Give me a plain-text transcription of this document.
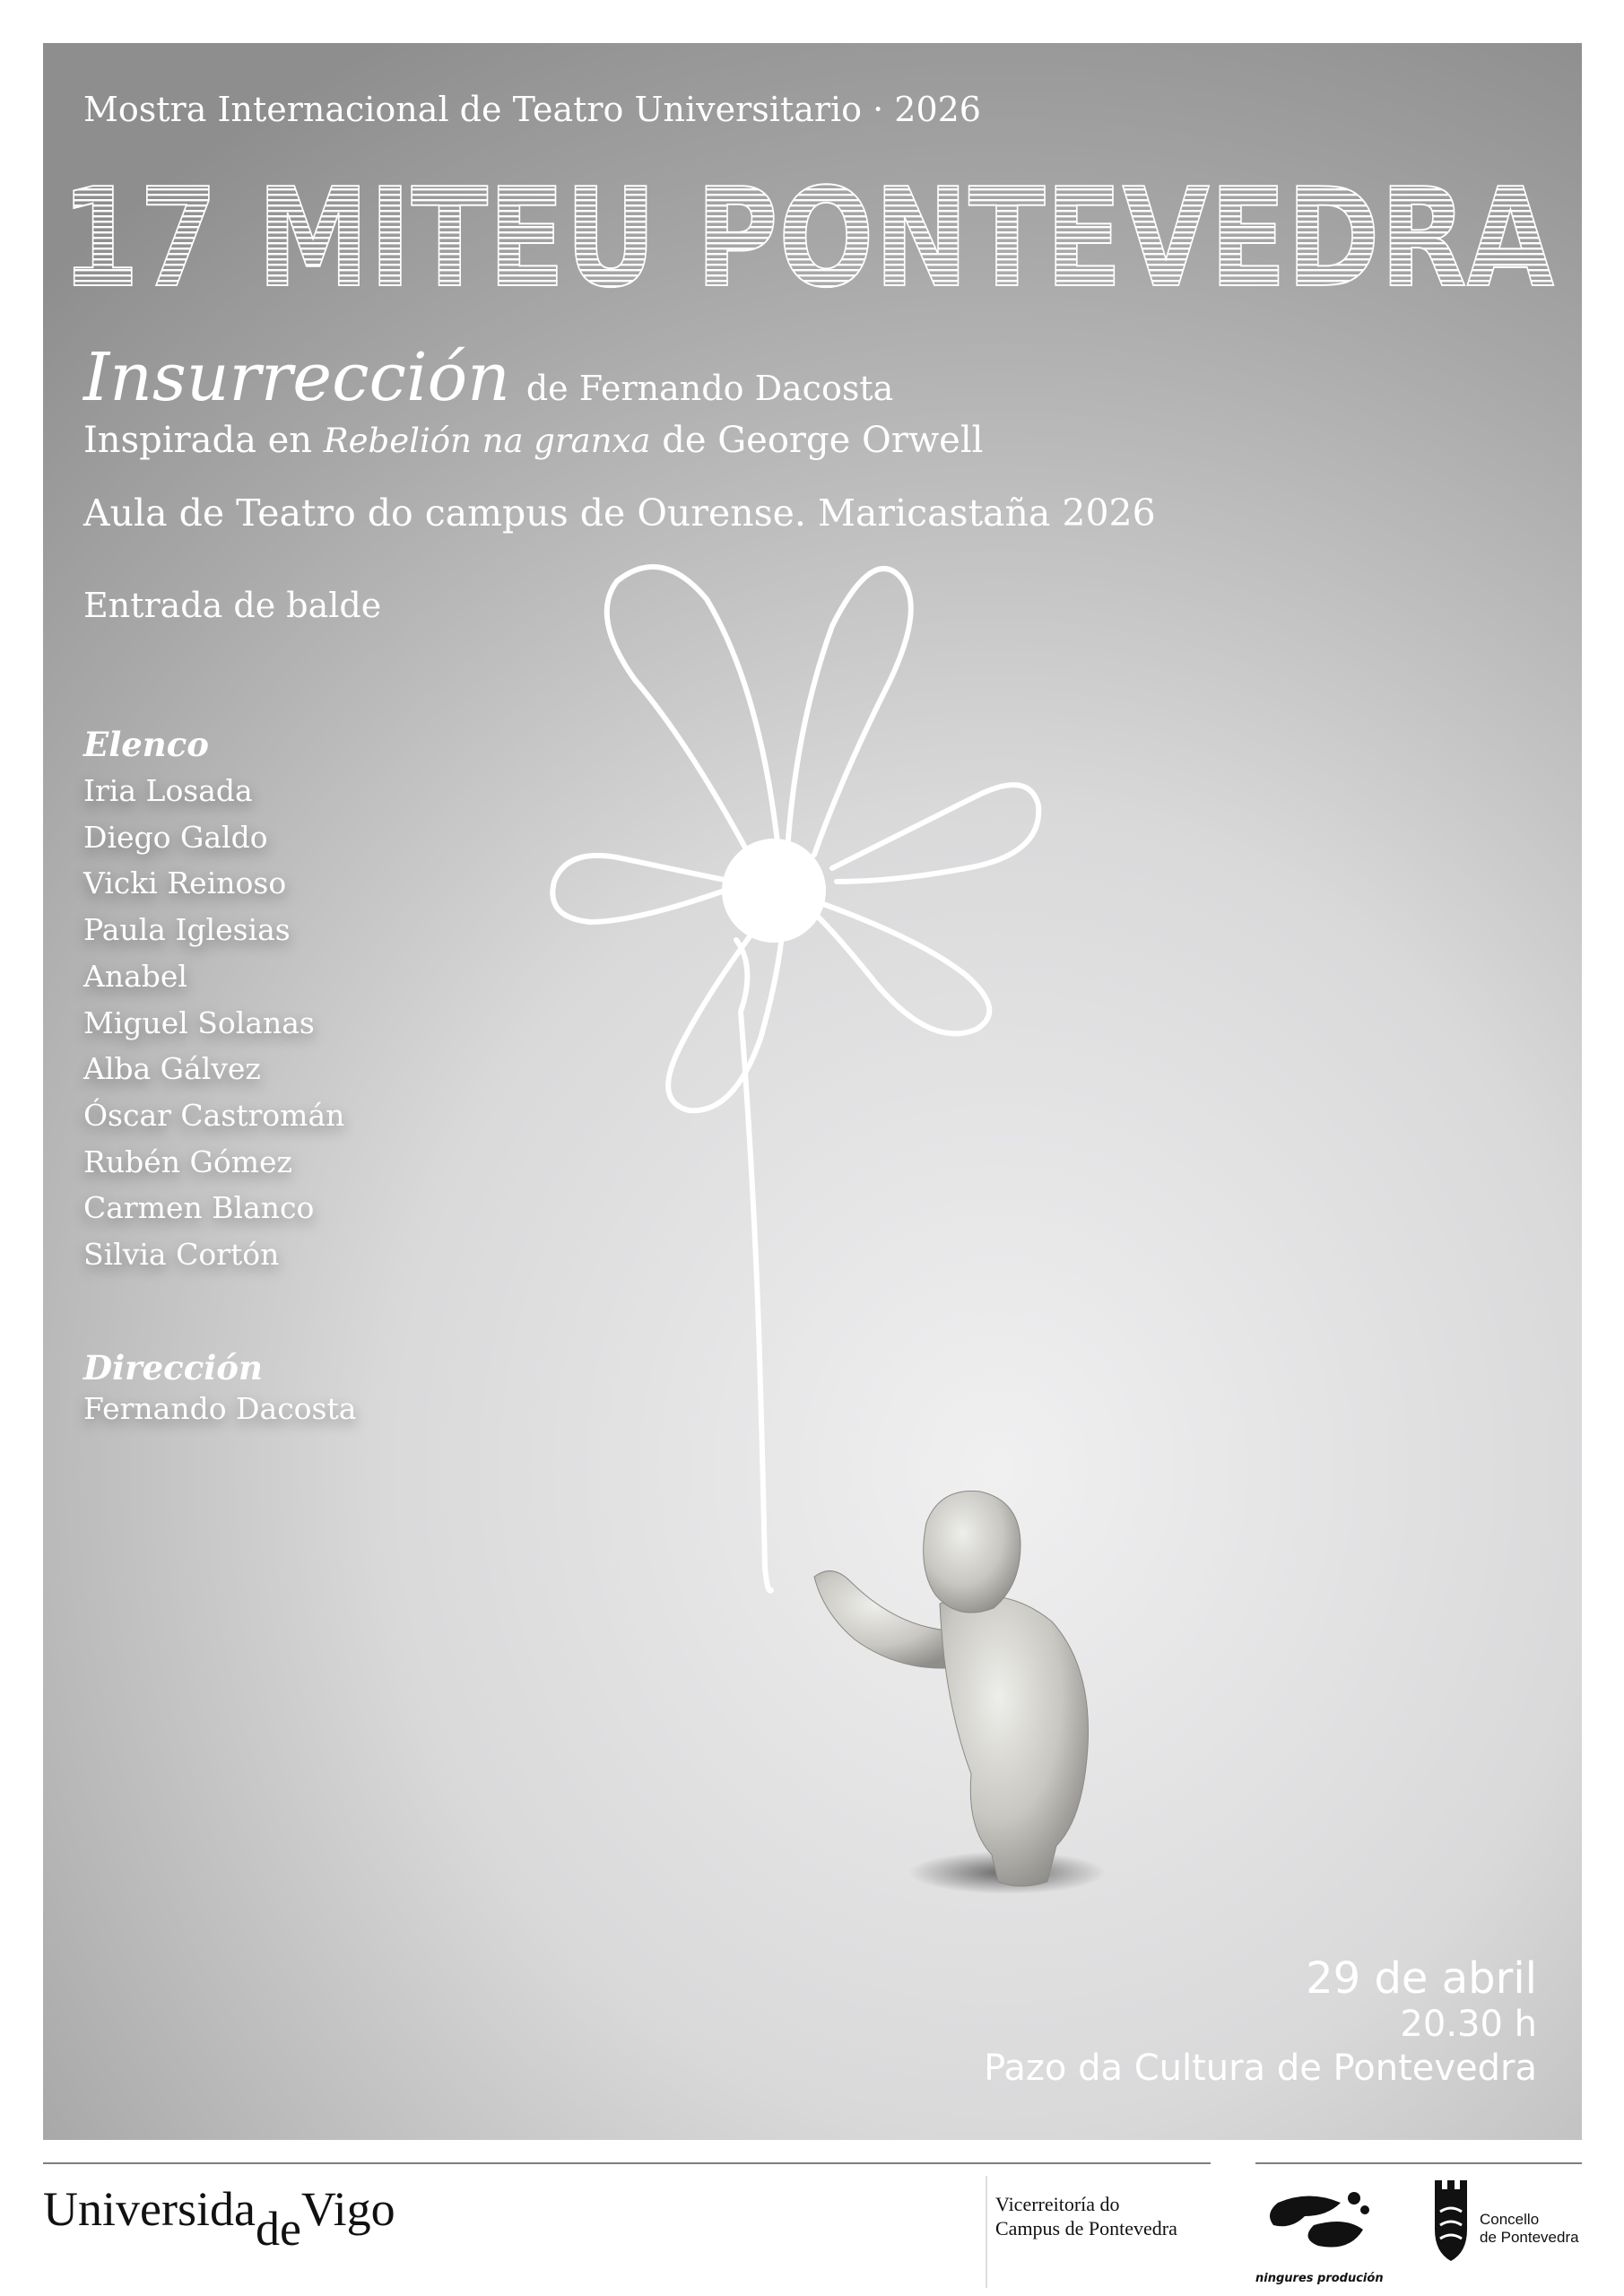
17 MITEU PONTEVEDRA

Mostra Internacional de Teatro Universitario · 2026

Insurrección de Fernando Dacosta

Inspirada en Rebelión na granxa de George Orwell

Aula de Teatro do campus de Ourense. Maricastaña 2026

Entrada de balde

Elenco

Iria Losada
Diego Galdo
Vicki Reinoso
Paula Iglesias
Anabel
Miguel Solanas
Alba Gálvez
Óscar Castromán
Rubén Gómez
Carmen Blanco
Silvia Cortón

Dirección

Fernando Dacosta

29 de abril
20.30 h
Pazo da Cultura de Pontevedra

UniversidadeVigo	Vicerreitoría do
Campus de Pontevedra

ningures produción

Concello
de Pontevedra
